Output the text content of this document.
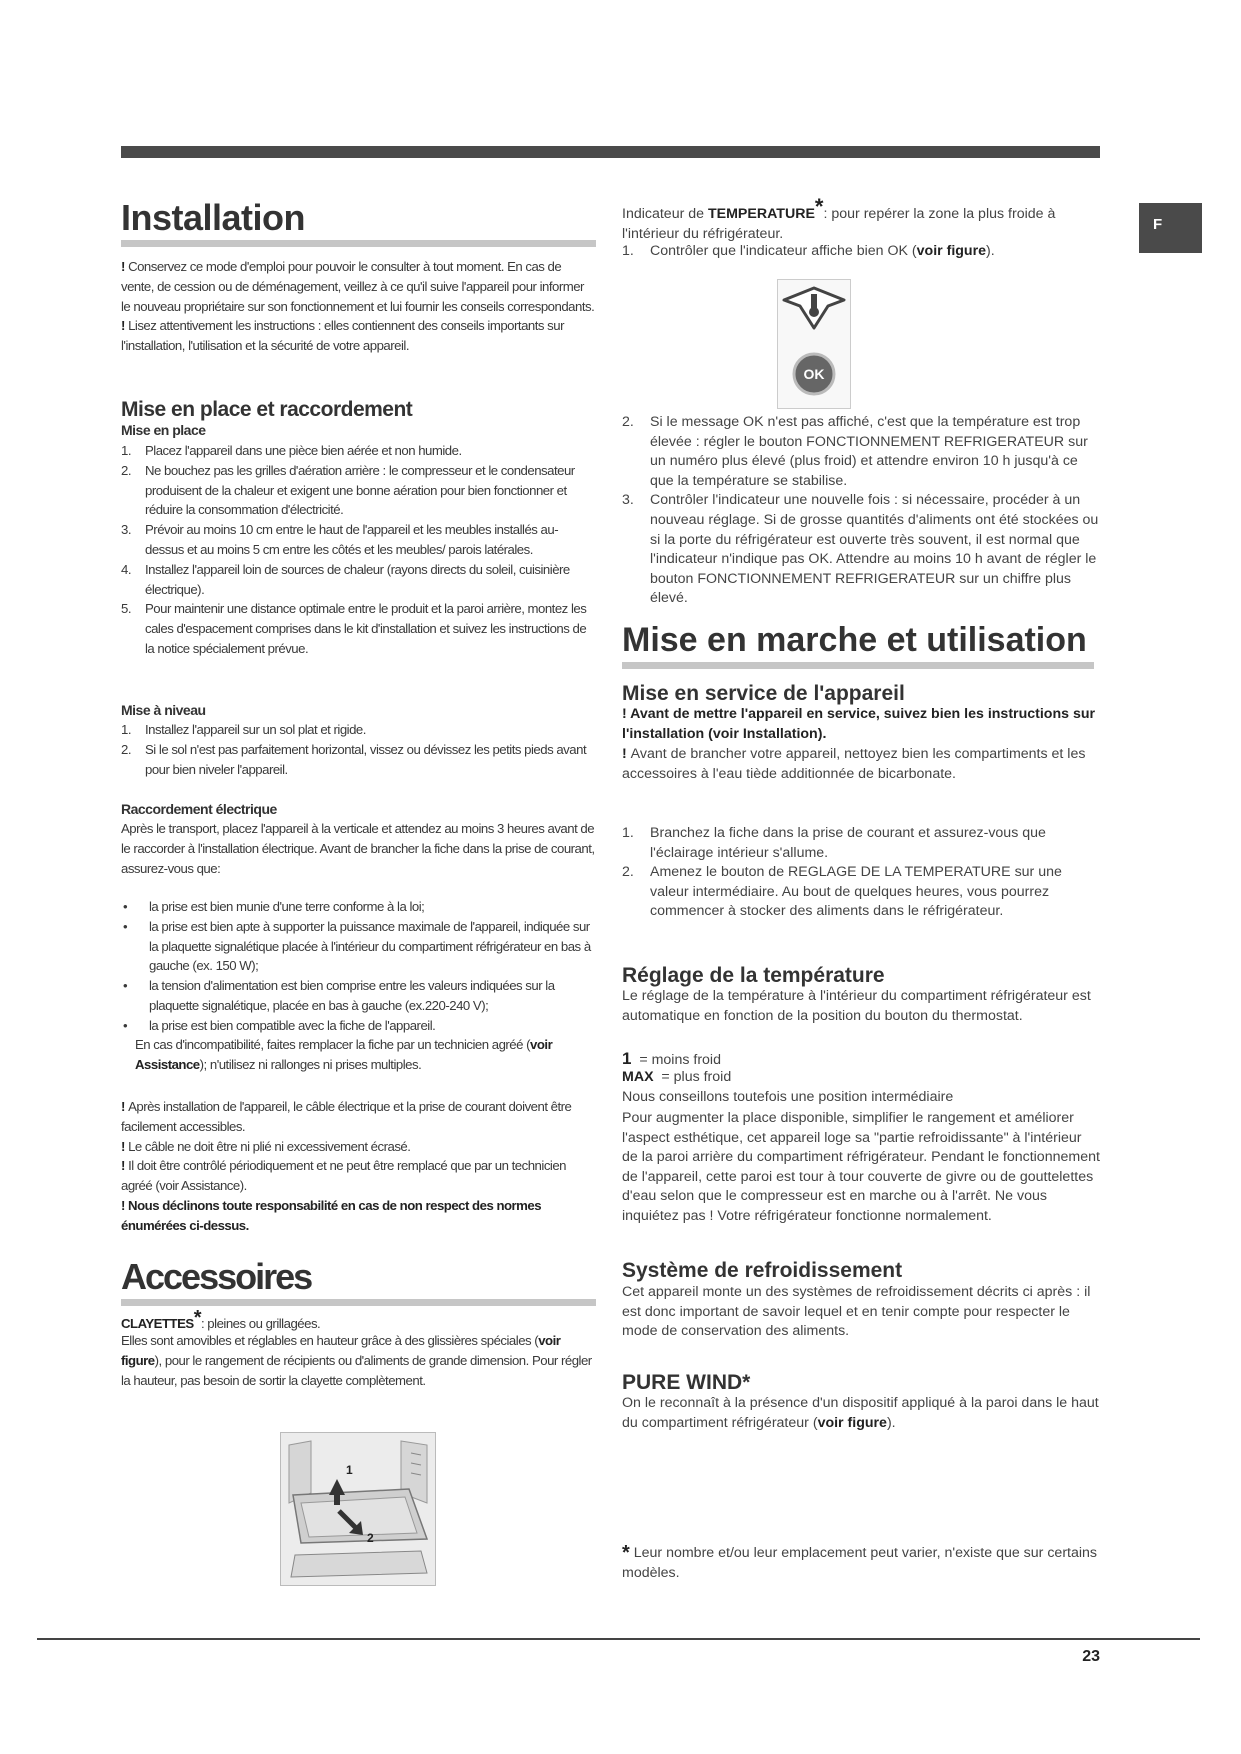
F
Installation

! Conservez ce mode d'emploi pour pouvoir le consulter à tout moment. En cas de vente, de cession ou de déménagement, veillez à ce qu'il suive l'appareil pour informer le nouveau propriétaire sur son fonctionnement et lui fournir les conseils correspondants.

! Lisez attentivement les instructions : elles contiennent des conseils importants sur l'installation, l'utilisation et la sécurité de votre appareil.

Mise en place et raccordement
Mise en place
1.	Placez l'appareil dans une pièce bien aérée et non humide.
2.	Ne bouchez pas les grilles d'aération arrière : le compresseur et le condensateur produisent de la chaleur et exigent une bonne aération pour bien fonctionner et réduire la consommation d'électricité.
3.	Prévoir au moins 10 cm entre le haut de l'appareil et les meubles installés au-dessus et au moins 5 cm entre les côtés et les meubles/ parois latérales.
4.	Installez l'appareil loin de sources de chaleur (rayons directs du soleil, cuisinière électrique).
5.	Pour maintenir une distance optimale entre le produit et la paroi arrière, montez les cales d'espacement comprises dans le kit d'installation et suivez les instructions de la notice spécialement prévue.
Mise à niveau
1.	Installez l'appareil sur un sol plat et rigide.
2.	Si le sol n'est pas parfaitement horizontal, vissez ou dévissez les petits pieds avant pour bien niveler l'appareil.
Raccordement électrique

Après le transport, placez l'appareil à la verticale et attendez au moins 3 heures avant de le raccorder à l'installation électrique. Avant de brancher la fiche dans la prise de courant, assurez-vous que:

•	la prise est bien munie d'une terre conforme à la loi;
•	la prise est bien apte à supporter la puissance maximale de l'appareil, indiquée sur la plaquette signalétique placée à l'intérieur du compartiment réfrigérateur en bas à gauche (ex. 150 W);
•	la tension d'alimentation est bien comprise entre les valeurs indiquées sur la plaquette signalétique, placée en bas à gauche (ex.220-240 V);
•	la prise est bien compatible avec la fiche de l'appareil.

En cas d'incompatibilité, faites remplacer la fiche par un technicien agréé (voir Assistance); n'utilisez ni rallonges ni prises multiples.

! Après installation de l'appareil, le câble électrique et la prise de courant doivent être facilement accessibles.

! Le câble ne doit être ni plié ni excessivement écrasé.

! Il doit être contrôlé périodiquement et ne peut être remplacé que par un technicien agréé (voir Assistance).

! Nous déclinons toute responsabilité en cas de non respect des normes énumérées ci-dessus.

Accessoires

CLAYETTES*: pleines ou grillagées.

Elles sont amovibles et réglables en hauteur grâce à des glissières spéciales (voir figure), pour le rangement de récipients ou d'aliments de grande dimension. Pour régler la hauteur, pas besoin de sortir la clayette complètement.

1
2

Indicateur de TEMPERATURE*: pour repérer la zone la plus froide à l'intérieur du réfrigérateur.

1.	Contrôler que l'indicateur affiche bien OK (voir figure).
OK
2.	Si le message OK n'est pas affiché, c'est que la température est trop élevée : régler le bouton FONCTIONNEMENT REFRIGERATEUR sur un numéro plus élevé (plus froid) et attendre environ 10 h jusqu'à ce que la température se stabilise.
3.	Contrôler l'indicateur une nouvelle fois : si nécessaire, procéder à un nouveau réglage. Si de grosse quantités d'aliments ont été stockées ou si la porte du réfrigérateur est ouverte très souvent, il est normal que l'indicateur n'indique pas OK. Attendre au moins 10 h avant de régler le bouton FONCTIONNEMENT REFRIGERATEUR sur un chiffre plus élevé.
Mise en marche et utilisation
Mise en service de l'appareil

! Avant de mettre l'appareil en service, suivez bien les instructions sur l'installation (voir Installation).

! Avant de brancher votre appareil, nettoyez bien les compartiments et les accessoires à l'eau tiède additionnée de bicarbonate.

1.	Branchez la fiche dans la prise de courant et assurez-vous que l'éclairage intérieur s'allume.
2.	Amenez le bouton de REGLAGE DE LA TEMPERATURE sur une valeur intermédiaire. Au bout de quelques heures, vous pourrez commencer à stocker des aliments dans le réfrigérateur.
Réglage de la température

Le réglage de la température à l'intérieur du compartiment réfrigérateur est automatique en fonction de la position du bouton du thermostat.

1 = moins froid

MAX = plus froid

Nous conseillons toutefois une position intermédiaire

Pour augmenter la place disponible, simplifier le rangement et améliorer l'aspect esthétique, cet appareil loge sa "partie refroidissante" à l'intérieur de la paroi arrière du compartiment réfrigérateur. Pendant le fonctionnement de l'appareil, cette paroi est tour à tour couverte de givre ou de gouttelettes d'eau selon que le compresseur est en marche ou à l'arrêt. Ne vous inquiétez pas ! Votre réfrigérateur fonctionne normalement.

Système de refroidissement

Cet appareil monte un des systèmes de refroidissement décrits ci après : il est donc important de savoir lequel et en tenir compte pour respecter le mode de conservation des aliments.

PURE WIND*

On le reconnaît à la présence d'un dispositif appliqué à la paroi dans le haut du compartiment réfrigérateur (voir figure).

* Leur nombre et/ou leur emplacement peut varier, n'existe que sur certains modèles.

23
